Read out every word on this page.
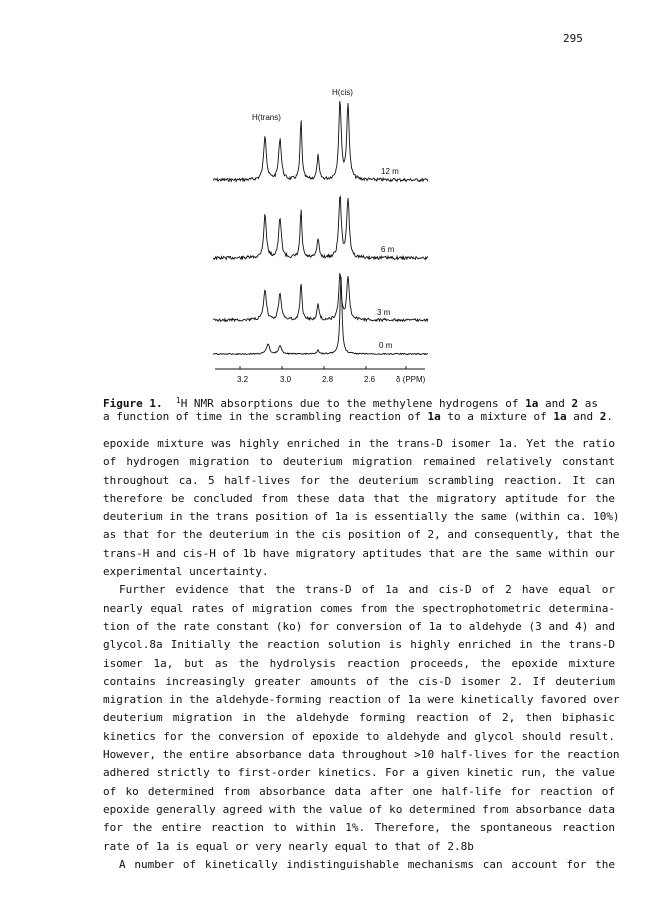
295
H(cis)
H(trans)
12 m
6 m
3 m
0 m
3.2	3.0	2.8	2.6	δ (PPM)
Figure 1. $^1$H NMR absorptions due to the methylene hydrogens of 1a and 2 as
a function of time in the scrambling reaction of 1a to a mixture of 1a and 2.
epoxide mixture was highly enriched in the trans-D isomer 1a. Yet the ratio
of hydrogen migration to deuterium migration remained relatively constant
throughout ca. 5 half-lives for the deuterium scrambling reaction. It can
therefore be concluded from these data that the migratory aptitude for the
deuterium in the trans position of 1a is essentially the same (within ca. 10%)
as that for the deuterium in the cis position of 2, and consequently, that the
trans-H and cis-H of 1b have migratory aptitudes that are the same within our
experimental uncertainty.
Further evidence that the trans-D of 1a and cis-D of 2 have equal or
nearly equal rates of migration comes from the spectrophotometric determina-
tion of the rate constant (ko) for conversion of 1a to aldehyde (3 and 4) and
glycol.8a Initially the reaction solution is highly enriched in the trans-D
isomer 1a, but as the hydrolysis reaction proceeds, the epoxide mixture
contains increasingly greater amounts of the cis-D isomer 2. If deuterium
migration in the aldehyde-forming reaction of 1a were kinetically favored over
deuterium migration in the aldehyde forming reaction of 2, then biphasic
kinetics for the conversion of epoxide to aldehyde and glycol should result.
However, the entire absorbance data throughout >10 half-lives for the reaction
adhered strictly to first-order kinetics. For a given kinetic run, the value
of ko determined from absorbance data after one half-life for reaction of
epoxide generally agreed with the value of ko determined from absorbance data
for the entire reaction to within 1%. Therefore, the spontaneous reaction
rate of 1a is equal or very nearly equal to that of 2.8b
A number of kinetically indistinguishable mechanisms can account for the
